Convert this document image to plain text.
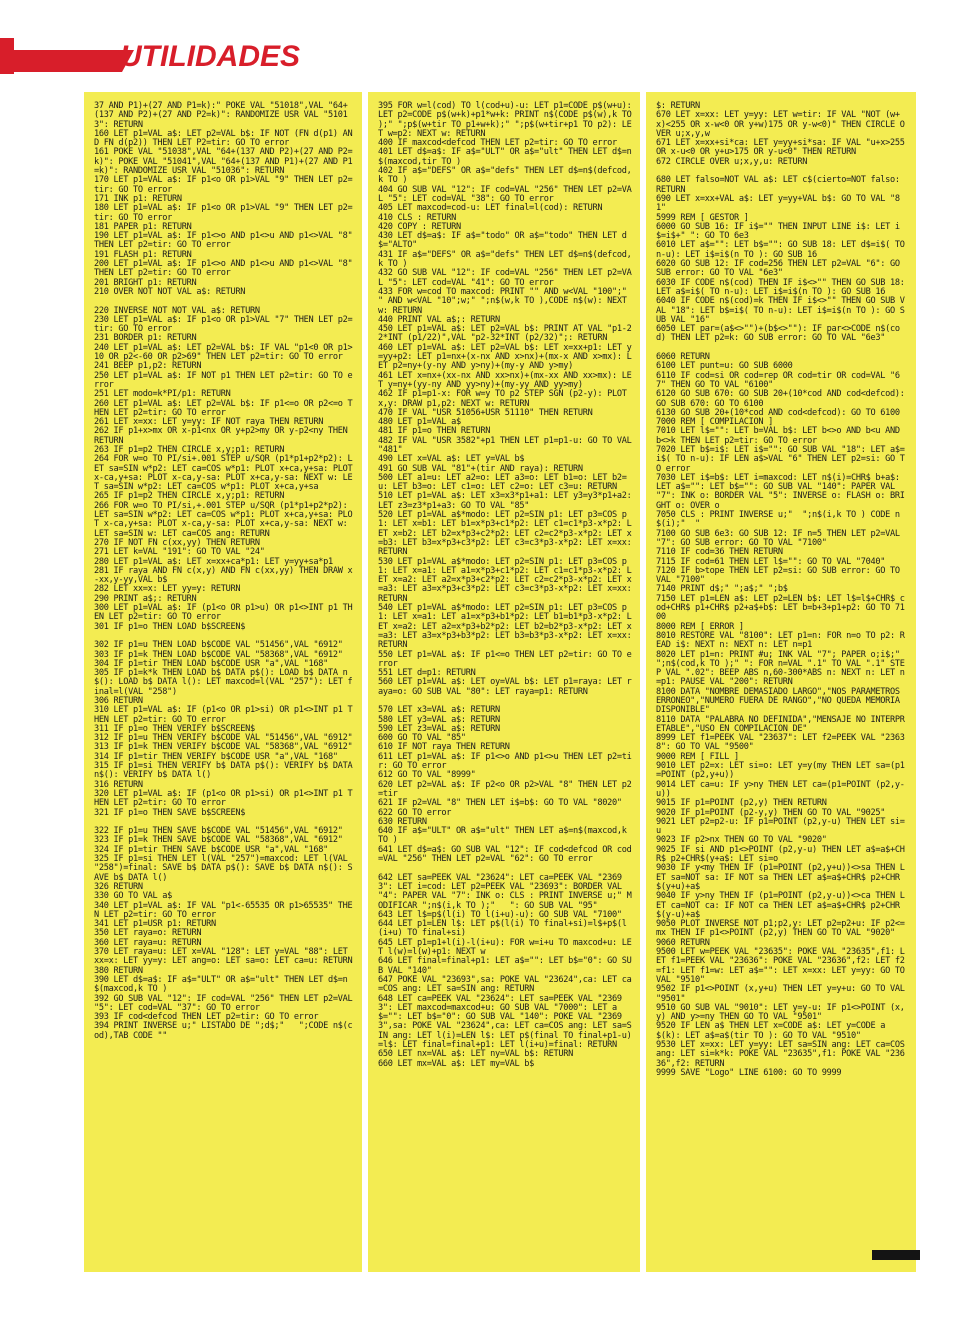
UTILIDADES
37 AND P1)+(27 AND P1=k):" POKE VAL "51018",VAL "64+(137 AND P2)+(27 AND P2=k)": RANDOMIZE USR VAL "51013": RETURN
160 LET p1=VAL a$: LET p2=VAL b$: IF NOT (FN d(p1) AND FN d(p2)) THEN LET P2=tir: GO TO error
161 POKE VAL "51038",VAL "64+(137 AND P2)+(27 AND P2=k)": POKE VAL "51041",VAL "64+(137 AND P1)+(27 AND P1=k)": RANDOMIZE USR VAL "51036": RETURN
170 LET p1=VAL a$: IF p1<o OR p1>VAL "9" THEN LET p2=tir: GO TO error
171 INK p1: RETURN
180 LET p1=VAL a$: IF p1<o OR p1>VAL "9" THEN LET p2=tir: GO TO error
181 PAPER p1: RETURN
190 LET p1=VAL a$: IF p1<>o AND p1<>u AND p1<>VAL "8" THEN LET p2=tir: GO TO error
191 FLASH p1: RETURN
200 LET p1=VAL a$: IF p1<>o AND p1<>u AND p1<>VAL "8" THEN LET p2=tir: GO TO error
201 BRIGHT p1: RETURN
210 OVER NOT NOT VAL a$: RETURN

220 INVERSE NOT NOT VAL a$: RETURN
230 LET p1=VAL a$: IF p1<o OR p1>VAL "7" THEN LET p2=tir: GO TO error
231 BORDER p1: RETURN
240 LET p1=VAL a$: LET p2=VAL b$: IF VAL "p1<0 OR p1>10 OR p2<-60 OR p2>69" THEN LET p2=tir: GO TO error
241 BEEP p1,p2: RETURN
250 LET p1=VAL a$: IF NOT p1 THEN LET p2=tir: GO TO error
251 LET modo=k*PI/p1: RETURN
260 LET p1=VAL a$: LET p2=VAL b$: IF p1<=o OR p2<=o THEN LET p2=tir: GO TO error
261 LET x=xx: LET y=yy: IF NOT raya THEN RETURN
262 IF p1+x>mx OR x-p1<nx OR y+p2>my OR y-p2<ny THEN RETURN
263 IF p1=p2 THEN CIRCLE x,y;p1: RETURN
264 FOR w=o TO PI/si+.001 STEP u/SQR (p1*p1+p2*p2): LET sa=SIN w*p2: LET ca=COS w*p1: PLOT x+ca,y+sa: PLOT x-ca,y+sa: PLOT x-ca,y-sa: PLOT x+ca,y-sa: NEXT w: LET sa=SIN w*p2: LET ca=COS w*p1: PLOT x+ca,y+sa
265 IF p1=p2 THEN CIRCLE x,y;p1: RETURN
266 FOR w=o TO PI/si,+.001 STEP u/SQR (p1*p1+p2*p2): LET sa=SIN w*p2: LET ca=COS w*p1: PLOT x+ca,y+sa: PLOT x-ca,y+sa: PLOT x-ca,y-sa: PLOT x+ca,y-sa: NEXT w: LET sa=SIN w: LET ca=COS ang: RETURN
270 IF NOT FN c(xx,yy) THEN RETURN
271 LET k=VAL "191": GO TO VAL "24"
280 LET p1=VAL a$: LET x=xx+ca*p1: LET y=yy+sa*p1
281 IF raya AND FN c(x,y) AND FN c(xx,yy) THEN DRAW x-xx,y-yy,VAL b$
282 LET xx=x: LET yy=y: RETURN
290 PRINT a$;: RETURN
300 LET p1=VAL a$: IF (p1<o OR p1>u) OR p1<>INT p1 THEN LET p2=tir: GO TO error
301 IF p1=o THEN LOAD b$SCREEN$

302 IF p1=u THEN LOAD b$CODE VAL "51456",VAL "6912"
303 IF p1=k THEN LOAD b$CODE VAL "58368",VAL "6912"
304 IF p1=tir THEN LOAD b$CODE USR "a",VAL "168"
305 IF p1=k*k THEN LOAD b$ DATA p$(): LOAD b$ DATA n$(): LOAD b$ DATA l(): LET maxcod=l(VAL "257"): LET final=l(VAL "258")
306 RETURN
310 LET p1=VAL a$: IF (p1<o OR p1>si) OR p1<>INT p1 THEN LET p2=tir: GO TO error
311 IF p1=o THEN VERIFY b$SCREEN$
312 IF p1=u THEN VERIFY b$CODE VAL "51456",VAL "6912"
313 IF p1=k THEN VERIFY b$CODE VAL "58368",VAL "6912"
314 IF p1=tir THEN VERIFY b$CODE USR "a",VAL "168"
315 IF p1=si THEN VERIFY b$ DATA p$(): VERIFY b$ DATA n$(): VERIFY b$ DATA l()
316 RETURN
320 LET p1=VAL a$: IF (p1<o OR p1>si) OR p1<>INT p1 THEN LET p2=tir: GO TO error
321 IF p1=o THEN SAVE b$SCREEN$

322 IF p1=u THEN SAVE b$CODE VAL "51456",VAL "6912"
323 IF p1=k THEN SAVE b$CODE VAL "58368",VAL "6912"
324 IF p1=tir THEN SAVE b$CODE USR "a",VAL "168"
325 IF p1=si THEN LET l(VAL "257")=maxcod: LET l(VAL "258")=final: SAVE b$ DATA p$(): SAVE b$ DATA n$(): SAVE b$ DATA l()
326 RETURN
330 GO TO VAL a$
340 LET p1=VAL a$: IF VAL "p1<-65535 OR p1>65535" THEN LET p2=tir: GO TO error
341 LET p1=USR p1: RETURN
350 LET raya=o: RETURN
360 LET raya=u: RETURN
370 LET raya=u: LET x=VAL "128": LET y=VAL "88": LET xx=x: LET yy=y: LET ang=o: LET sa=o: LET ca=u: RETURN
380 RETURN
390 LET d$=a$: IF a$="ULT" OR a$="ult" THEN LET d$=n$(maxcod,k TO )
392 GO SUB VAL "12": IF cod=VAL "256" THEN LET p2=VAL "5": LET cod=VAL "37": GO TO error
393 IF cod<defcod THEN LET p2=tir: GO TO error
394 PRINT INVERSE u;" LISTADO DE ";d$;"   ";CODE n$(cod),TAB CODE ""
395 FOR w=l(cod) TO l(cod+u)-u: LET p1=CODE p$(w+u): LET p2=CODE p$(w+k)+p1*w+k: PRINT n$(CODE p$(w),k TO );" ";p$(w+tir TO p1+w+k);" ";p$(w+tir+p1 TO p2): LET w=p2: NEXT w: RETURN
400 IF maxcod<defcod THEN LET p2=tir: GO TO error
401 LET d$=a$: IF a$="ULT" OR a$="ult" THEN LET d$=n$(maxcod,tir TO )
402 IF a$="DEFS" OR a$="defs" THEN LET d$=n$(defcod,k TO )
404 GO SUB VAL "12": IF cod=VAL "256" THEN LET p2=VAL "5": LET cod=VAL "38": GO TO error
405 LET maxcod=cod-u: LET final=l(cod): RETURN
410 CLS : RETURN
420 COPY : RETURN
430 LET d$=a$: IF a$="todo" OR a$="todo" THEN LET d$="ALTO"
431 IF a$="DEFS" OR a$="defs" THEN LET d$=n$(defcod,k TO )
432 GO SUB VAL "12": IF cod=VAL "256" THEN LET p2=VAL "5": LET cod=VAL "41": GO TO error
433 FOR w=cod TO maxcod: PRINT "" AND w<VAL "100";" " AND w<VAL "10";w;" ";n$(w,k TO ),CODE n$(w): NEXT w: RETURN
440 PRINT VAL a$;: RETURN
450 LET p1=VAL a$: LET p2=VAL b$: PRINT AT VAL "p1-22*INT (p1/22)",VAL "p2-32*INT (p2/32)";: RETURN
460 LET p1=VAL a$: LET p2=VAL b$: LET x=xx+p1: LET y=yy+p2: LET p1=nx+(x-nx AND x>nx)+(mx-x AND x>mx): LET p2=ny+(y-ny AND y>ny)+(my-y AND y>my)
461 LET x=nx+(xx-nx AND xx>nx)+(mx-xx AND xx>mx): LET y=ny+(yy-ny AND yy>ny)+(my-yy AND yy>my)
462 IF p1=p1-x: FOR w=y TO p2 STEP SGN (p2-y): PLOT x,y: DRAW p1,p2: NEXT w: RETURN
470 IF VAL "USR 51056+USR 51110" THEN RETURN
480 LET p1=VAL a$
481 IF p1=o THEN RETURN
482 IF VAL "USR 3582"+p1 THEN LET p1=p1-u: GO TO VAL "481"
490 LET x=VAL a$: LET y=VAL b$
491 GO SUB VAL "81"+(tir AND raya): RETURN
500 LET a1=u: LET a2=o: LET a3=o: LET b1=o: LET b2=u: LET b3=o: LET c1=o: LET c2=o: LET c3=u: RETURN
510 LET p1=VAL a$: LET x3=x3*p1+a1: LET y3=y3*p1+a2: LET z3=z3*p1+a3: GO TO VAL "85"
520 LET p1=VAL a$*modo: LET p2=SIN p1: LET p3=COS p1: LET x=b1: LET b1=x*p3+c1*p2: LET c1=c1*p3-x*p2: LET x=b2: LET b2=x*p3+c2*p2: LET c2=c2*p3-x*p2: LET x=b3: LET b3=x*p3+c3*p2: LET c3=c3*p3-x*p2: LET x=xx: RETURN
530 LET p1=VAL a$*modo: LET p2=SIN p1: LET p3=COS p1: LET x=a1: LET a1=x*p3+c1*p2: LET c1=c1*p3-x*p2: LET x=a2: LET a2=x*p3+c2*p2: LET c2=c2*p3-x*p2: LET x=a3: LET a3=x*p3+c3*p2: LET c3=c3*p3-x*p2: LET x=xx: RETURN
540 LET p1=VAL a$*modo: LET p2=SIN p1: LET p3=COS p1: LET x=a1: LET a1=x*p3+b1*p2: LET b1=b1*p3-x*p2: LET x=a2: LET a2=x*p3+b2*p2: LET b2=b2*p3-x*p2: LET x=a3: LET a3=x*p3+b3*p2: LET b3=b3*p3-x*p2: LET x=xx: RETURN
550 LET p1=VAL a$: IF p1<=o THEN LET p2=tir: GO TO error
551 LET d=p1: RETURN
560 LET p1=VAL a$: LET oy=VAL b$: LET p1=raya: LET raya=o: GO SUB VAL "80": LET raya=p1: RETURN

570 LET x3=VAL a$: RETURN
580 LET y3=VAL a$: RETURN
590 LET z3=VAL a$: RETURN
600 GO TO VAL "85"
610 IF NOT raya THEN RETURN
611 LET p1=VAL a$: IF p1<>o AND p1<>u THEN LET p2=tir: GO TO error
612 GO TO VAL "8999"
620 LET p2=VAL a$: IF p2<o OR p2>VAL "8" THEN LET p2=tir
621 IF p2=VAL "8" THEN LET i$=b$: GO TO VAL "8020"
622 GO TO error
630 RETURN
640 IF a$="ULT" OR a$="ult" THEN LET a$=n$(maxcod,k TO )
641 LET d$=a$: GO SUB VAL "12": IF cod<defcod OR cod=VAL "256" THEN LET p2=VAL "62": GO TO error

642 LET sa=PEEK VAL "23624": LET ca=PEEK VAL "23693": LET i=cod: LET p2=PEEK VAL "23693": BORDER VAL "4": PAPER VAL "7": INK o: CLS : PRINT INVERSE u;" MODIFICAR ";n$(i,k TO );"   ": GO SUB VAL "95"
643 LET l$=p$(l(i) TO l(i+u)-u): GO SUB VAL "7100"
644 LET p1=LEN l$: LET p$(l(i) TO final+si)=l$+p$(l(i+u) TO final+si)
645 LET p1=p1+l(i)-l(i+u): FOR w=i+u TO maxcod+u: LET l(w)=l(w)+p1: NEXT w
646 LET final=final+p1: LET a$="": LET b$="0": GO SUB VAL "140"
647 POKE VAL "23693",sa: POKE VAL "23624",ca: LET ca=COS ang: LET sa=SIN ang: RETURN
648 LET ca=PEEK VAL "23624": LET sa=PEEK VAL "23693": LET maxcod=maxcod+u: GO SUB VAL "7000": LET a$="": LET b$="0": GO SUB VAL "140": POKE VAL "23693",sa: POKE VAL "23624",ca: LET ca=COS ang: LET sa=SIN ang: LET l(i)=LEN l$: LET p$(final TO final+p1-u)=l$: LET final=final+p1: LET l(i+u)=final: RETURN
650 LET nx=VAL a$: LET ny=VAL b$: RETURN
660 LET mx=VAL a$: LET my=VAL b$
$: RETURN
670 LET x=xx: LET y=yy: LET w=tir: IF VAL "NOT (w+x)<255 OR x-w<0 OR y+w)175 OR y-w<0)" THEN CIRCLE OVER u;x,y,w
671 LET x=xx+si*ca: LET y=yy+si*sa: IF VAL "u+x>255 OR x-u<0 OR y+u>175 OR y-u<0" THEN RETURN
672 CIRCLE OVER u;x,y,u: RETURN

680 LET falso=NOT VAL a$: LET c$(cierto=NOT falso: RETURN
690 LET x=xx+VAL a$: LET y=yy+VAL b$: GO TO VAL "81"
5999 REM [ GESTOR ]
6000 GO SUB 16: IF i$="" THEN INPUT LINE i$: LET i$=i$+" ": GO TO 6e3
6010 LET a$="": LET b$="": GO SUB 18: LET d$=i$( TO n-u): LET i$=i$(n TO ): GO SUB 16
6020 GO SUB 12: IF cod=256 THEN LET p2=VAL "6": GO SUB error: GO TO VAL "6e3"
6030 IF CODE n$(cod) THEN IF i$<>"" THEN GO SUB 18: LET a$=i$( TO n-u): LET i$=i$(n TO ): GO SUB 16
6040 IF CODE n$(cod)=k THEN IF i$<>"" THEN GO SUB VAL "18": LET b$=i$( TO n-u): LET i$=i$(n TO ): GO SUB VAL "16"
6050 LET par=(a$<>"")+(b$<>""): IF par<>CODE n$(cod) THEN LET p2=k: GO SUB error: GO TO VAL "6e3"

6060 RETURN
6100 LET punt=u: GO SUB 6000
6110 IF cod=si OR cod=rep OR cod=tir OR cod=VAL "67" THEN GO TO VAL "6100"
6120 GO SUB 670: GO SUB 20+(10*cod AND cod<defcod): GO SUB 670: GO TO 6100
6130 GO SUB 20+(10*cod AND cod<defcod): GO TO 6100
7000 REM [ COMPILACION ]
7010 LET l$="": LET b=VAL b$: LET b<>o AND b<u AND b<>k THEN LET p2=tir: GO TO error
7020 LET b$=i$: LET i$="": GO SUB VAL "18": LET a$=i$( TO n-u): IF LEN a$>VAL "6" THEN LET p2=si: GO TO error
7030 LET i$=b$: LET i=maxcod: LET n$(i)=CHR$ b+a$: LET a$="": LET b$="": GO SUB VAL "140": PAPER VAL "7": INK o: BORDER VAL "5": INVERSE o: FLASH o: BRIGHT o: OVER o
7050 CLS : PRINT INVERSE u;"  ";n$(i,k TO ) CODE n$(i);"  "
7100 GO SUB 6e3: GO SUB 12: IF n=5 THEN LET p2=VAL "7": GO SUB error: GO TO VAL "7100"
7110 IF cod=36 THEN RETURN
7115 IF cod=61 THEN LET l$="": GO TO VAL "7040"
7120 IF b>tope THEN LET p2=si: GO SUB error: GO TO VAL "7100"
7140 PRINT d$;" ";a$;" ";b$
7150 LET p1=LEN a$: LET p2=LEN b$: LET l$=l$+CHR$ cod+CHR$ p1+CHR$ p2+a$+b$: LET b=b+3+p1+p2: GO TO 7100
8000 REM [ ERROR ]
8010 RESTORE VAL "8100": LET p1=n: FOR n=o TO p2: READ i$: NEXT n: NEXT n: LET n=p1
8020 LET p1=n: PRINT #u; INK VAL "7"; PAPER o;i$;" ";n$(cod,k TO );" ": FOR n=VAL ".1" TO VAL ".1" STEP VAL ".02": BEEP ABS n,60-300*ABS n: NEXT n: LET n=p1: PAUSE VAL "200": RETURN
8100 DATA "NOMBRE DEMASIADO LARGO","NOS PARAMETROS ERRONEO","NUMERO FUERA DE RANGO","NO QUEDA MEMORIA DISPONIBLE"
8110 DATA "PALABRA NO DEFINIDA","MENSAJE NO INTERPRETABLE","USO EN COMPILACION DE"
8999 LET f1=PEEK VAL "23637": LET f2=PEEK VAL "23638": GO TO VAL "9500"
9000 REM [ FILL ]
9010 LET p2=x: LET si=o: LET y=y(my THEN LET sa=(p1=POINT (p2,y+u))
9014 LET ca=u: IF y>ny THEN LET ca=(p1=POINT (p2,y-u))
9015 IF p1=POINT (p2,y) THEN RETURN
9020 IF p1=POINT (p2-y,y) THEN GO TO VAL "9025"
9021 LET p2=p2-u: IF p1=POINT (p2,y-u) THEN LET si=u
9023 IF p2>nx THEN GO TO VAL "9020"
9025 IF si AND p1<>POINT (p2,y-u) THEN LET a$=a$+CHR$ p2+CHR$(y+a$: LET si=o
9030 IF y<my THEN IF (p1=POINT (p2,y+u))<>sa THEN LET sa=NOT sa: IF NOT sa THEN LET a$=a$+CHR$ p2+CHR$(y+u)+a$
9040 IF y>ny THEN IF (p1=POINT (p2,y-u))<>ca THEN LET ca=NOT ca: IF NOT ca THEN LET a$=a$+CHR$ p2+CHR$(y-u)+a$
9050 PLOT INVERSE NOT p1;p2,y: LET p2=p2+u: IF p2<=mx THEN IF p1<>POINT (p2,y) THEN GO TO VAL "9020"
9060 RETURN
9500 LET w=PEEK VAL "23635": POKE VAL "23635",f1: LET f1=PEEK VAL "23636": POKE VAL "23636",f2: LET f2=f1: LET f1=w: LET a$="": LET x=xx: LET y=yy: GO TO VAL "9510"
9502 IF p1<>POINT (x,y+u) THEN LET y=y+u: GO TO VAL "9501"
9510 GO SUB VAL "9010": LET y=y-u: IF p1<>POINT (x,y) AND y>=ny THEN GO TO VAL "9501"
9520 IF LEN a$ THEN LET x=CODE a$: LET y=CODE a$(k): LET a$=a$(tir TO ): GO TO VAL "9510"
9530 LET x=xx: LET y=yy: LET sa=SIN ang: LET ca=COS ang: LET si=k*k: POKE VAL "23635",f1: POKE VAL "23636",f2: RETURN
9999 SAVE "Logo" LINE 6100: GO TO 9999
